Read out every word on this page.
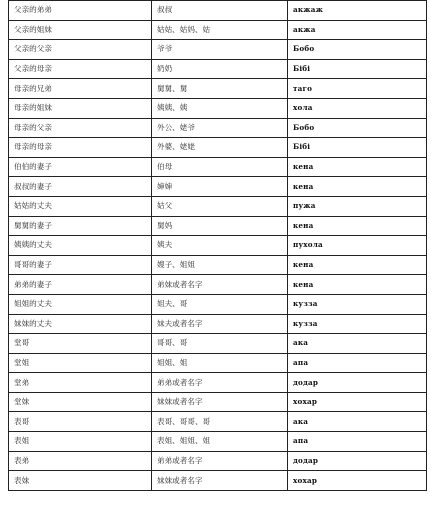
父亲的弟弟	叔叔	акжаж
父亲的姐妹	姑姑、姑妈、姑	акжа
父亲的父亲	爷爷	Бобо
父亲的母亲	奶奶	Бібі
母亲的兄弟	舅舅、舅	тагo
母亲的姐妹	姨姨、姨	хола
母亲的父亲	外公、姥爷	Бобо
母亲的母亲	外婆、姥姥	Бібі
伯伯的妻子	伯母	кена
叔叔的妻子	婶婶	кена
姑姑的丈夫	姑父	пужа
舅舅的妻子	舅妈	кена
姨姨的丈夫	姨夫	пухола
哥哥的妻子	嫂子、姐姐	кена
弟弟的妻子	弟妹或者名字	кена
姐姐的丈夫	姐夫、哥	кузза
妹妹的丈夫	妹夫或者名字	кузза
堂哥	哥哥、哥	ака
堂姐	姐姐、姐	апа
堂弟	弟弟或者名字	додар
堂妹	妹妹或者名字	хохар
表哥	表哥、哥哥、哥	ака
表姐	表姐、姐姐、姐	апа
表弟	弟弟或者名字	додар
表妹	妹妹或者名字	хохар
